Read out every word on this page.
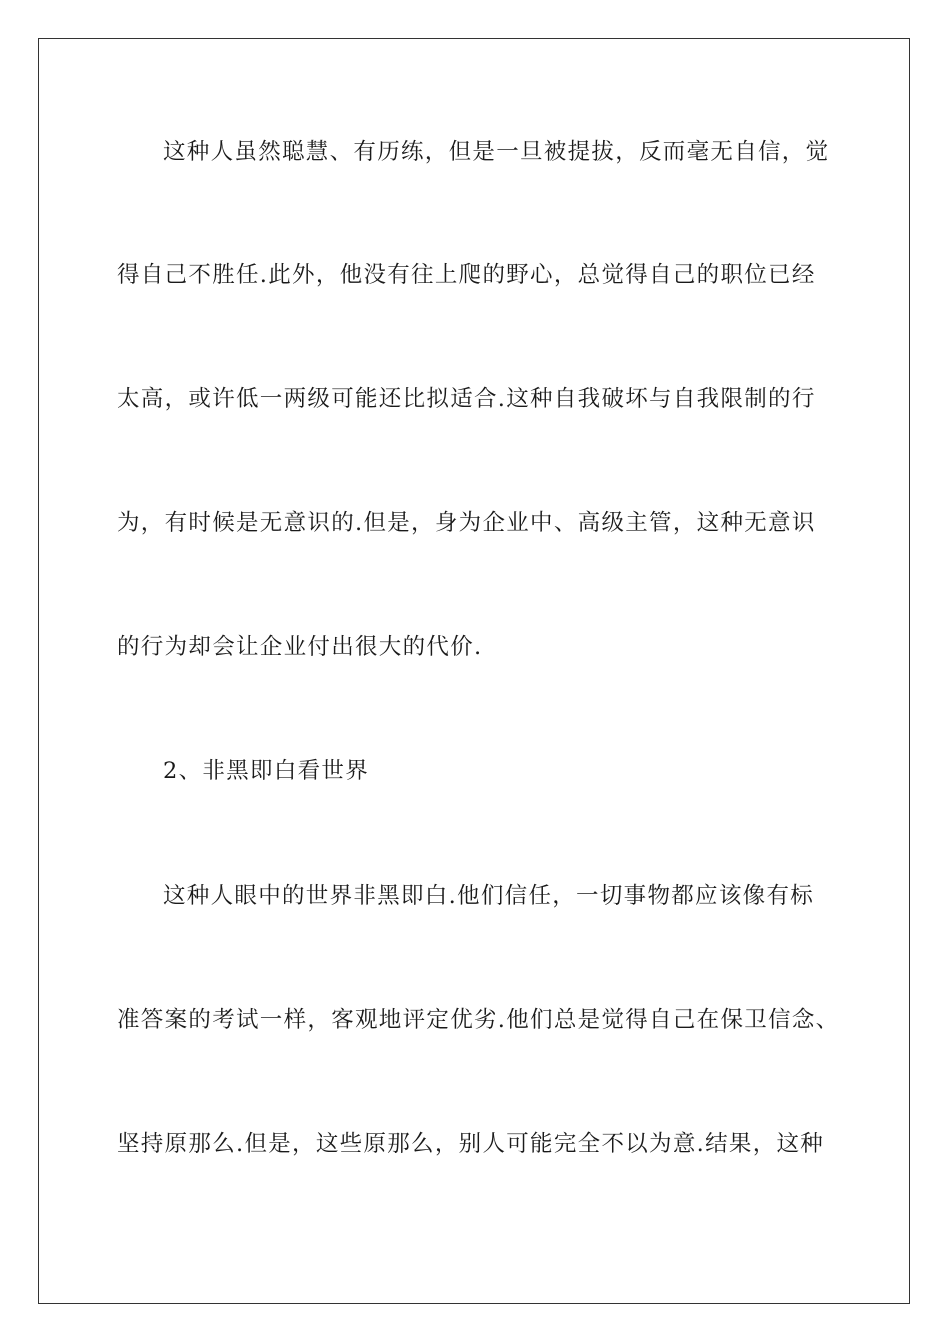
这种人虽然聪慧、有历练，但是一旦被提拔，反而毫无自信，觉
得自己不胜任.此外，他没有往上爬的野心，总觉得自己的职位已经
太高，或许低一两级可能还比拟适合.这种自我破坏与自我限制的行
为，有时候是无意识的.但是，身为企业中、高级主管，这种无意识
的行为却会让企业付出很大的代价.
2、非黑即白看世界
这种人眼中的世界非黑即白.他们信任，一切事物都应该像有标
准答案的考试一样，客观地评定优劣.他们总是觉得自己在保卫信念、
坚持原那么.但是，这些原那么，别人可能完全不以为意.结果，这种
